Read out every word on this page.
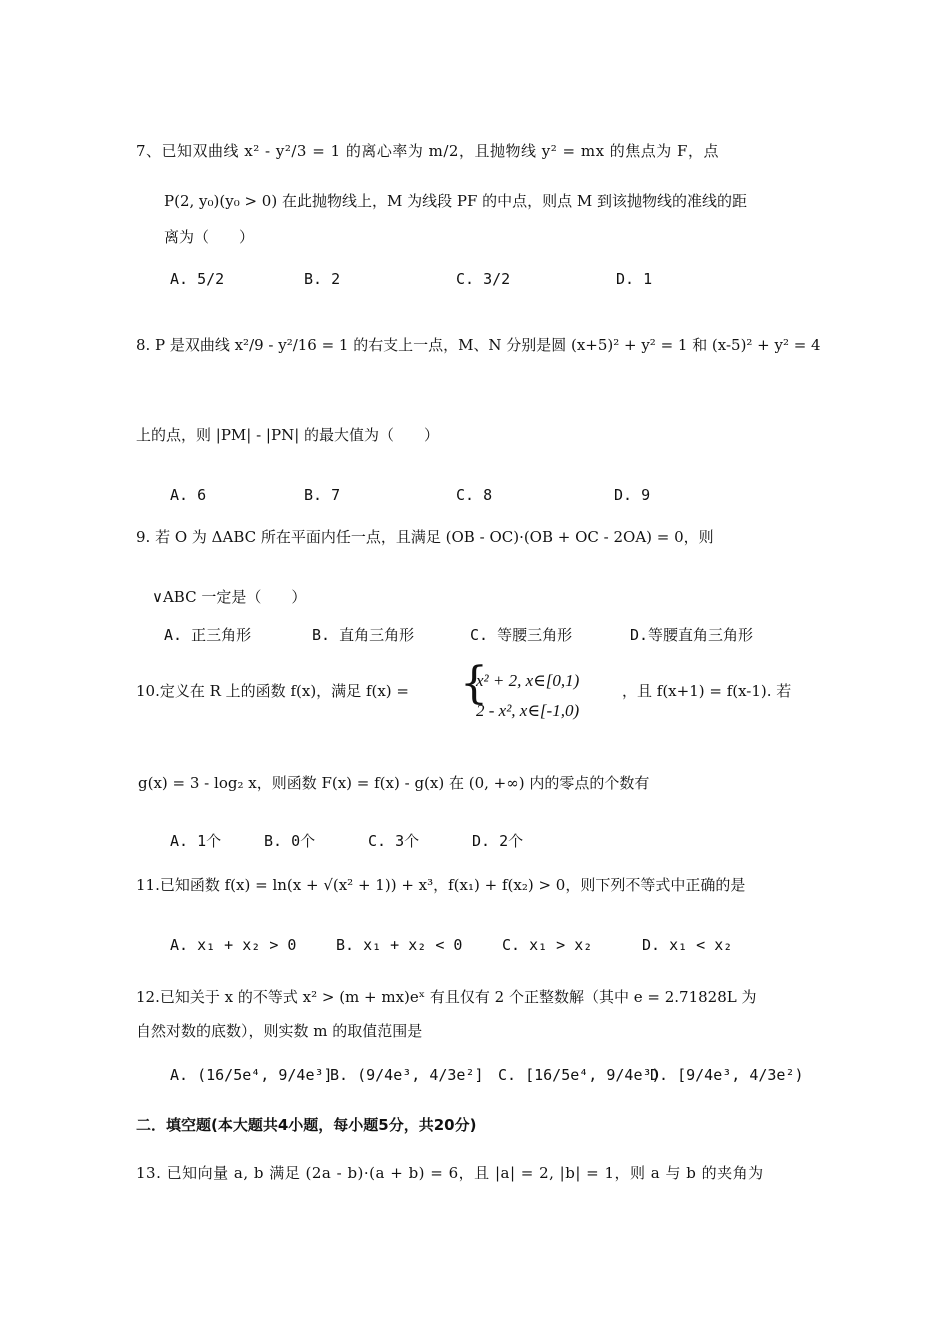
7、已知双曲线 x² - y²/3 = 1 的离心率为 m/2，且抛物线 y² = mx 的焦点为 F，点
P(2, y₀)(y₀ > 0) 在此抛物线上，M 为线段 PF 的中点，则点 M 到该抛物线的准线的距
离为（　　）
A. 5/2	B. 2	C. 3/2	D. 1
8. P 是双曲线 x²/9 - y²/16 = 1 的右支上一点，M、N 分别是圆 (x+5)² + y² = 1 和 (x-5)² + y² = 4
上的点，则 |PM| - |PN| 的最大值为（　　）
A. 6	B. 7	C. 8	D. 9
9. 若 O 为 ΔABC 所在平面内任一点，且满足 (OB - OC)·(OB + OC - 2OA) = 0，则
∨ABC 一定是（　　）
A. 正三角形	B. 直角三角形	C. 等腰三角形	D.等腰直角三角形
10.定义在 R 上的函数 f(x)，满足 f(x) = {
x² + 2, x∈[0,1)
2 - x², x∈[-1,0)
，且 f(x+1) = f(x-1). 若
g(x) = 3 - log₂ x，则函数 F(x) = f(x) - g(x) 在 (0, +∞) 内的零点的个数有
A. 1个	B. 0个	C. 3个	D. 2个
11.已知函数 f(x) = ln(x + √(x² + 1)) + x³，f(x₁) + f(x₂) > 0，则下列不等式中正确的是
A. x₁ + x₂ > 0	B. x₁ + x₂ < 0	C. x₁ > x₂	D. x₁ < x₂
12.已知关于 x 的不等式 x² > (m + mx)eˣ 有且仅有 2 个正整数解（其中 e = 2.71828L 为
自然对数的底数），则实数 m 的取值范围是
A. (16/5e⁴, 9/4e³]
B. (9/4e³, 4/3e²] C. [16/5e⁴, 9/4e³)
D. [9/4e³, 4/3e²)
二．填空题(本大题共4小题，每小题5分，共20分)
13. 已知向量 a, b 满足 (2a - b)·(a + b) = 6，且 |a| = 2, |b| = 1，则 a 与 b 的夹角为
